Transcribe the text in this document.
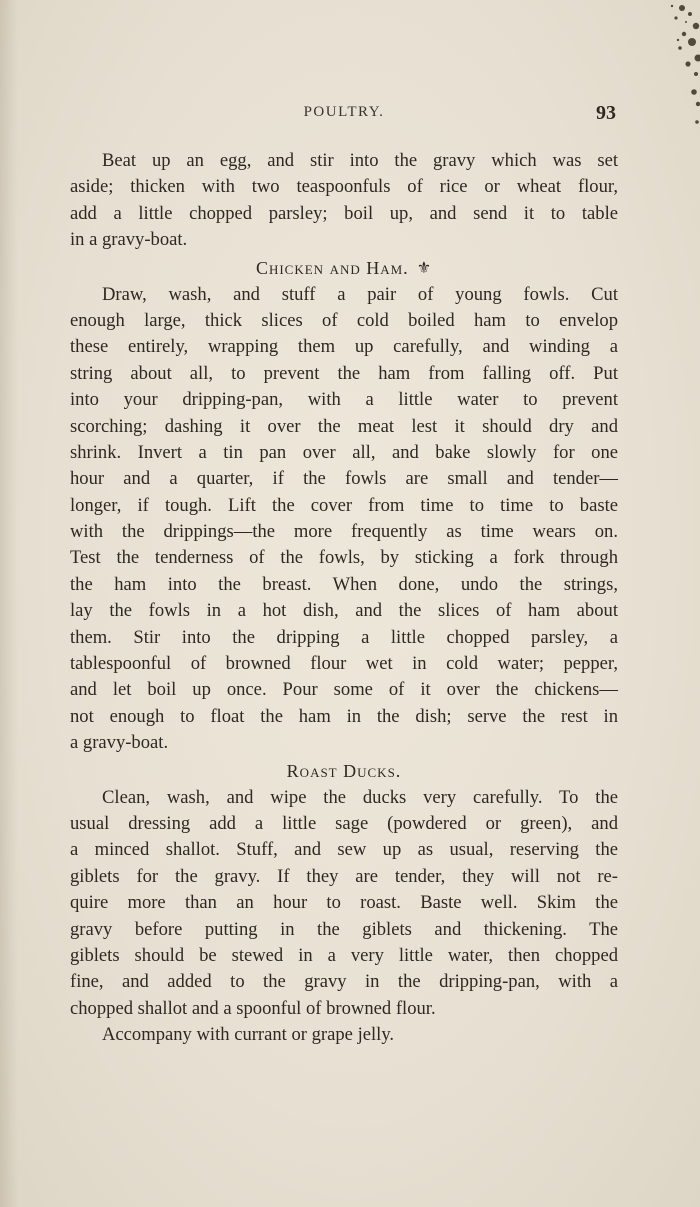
POULTRY.	93
Beat up an egg, and stir into the gravy which was set
aside; thicken with two teaspoonfuls of rice or wheat flour,
add a little chopped parsley; boil up, and send it to table
in a gravy-boat.
Chicken and Ham. ⚜
Draw, wash, and stuff a pair of young fowls. Cut
enough large, thick slices of cold boiled ham to envelop
these entirely, wrapping them up carefully, and winding a
string about all, to prevent the ham from falling off. Put
into your dripping-pan, with a little water to prevent
scorching; dashing it over the meat lest it should dry and
shrink. Invert a tin pan over all, and bake slowly for one
hour and a quarter, if the fowls are small and tender—
longer, if tough. Lift the cover from time to time to baste
with the drippings—the more frequently as time wears on.
Test the tenderness of the fowls, by sticking a fork through
the ham into the breast. When done, undo the strings,
lay the fowls in a hot dish, and the slices of ham about
them. Stir into the dripping a little chopped parsley, a
tablespoonful of browned flour wet in cold water; pepper,
and let boil up once. Pour some of it over the chickens—
not enough to float the ham in the dish; serve the rest in
a gravy-boat.
Roast Ducks.
Clean, wash, and wipe the ducks very carefully. To the
usual dressing add a little sage (powdered or green), and
a minced shallot. Stuff, and sew up as usual, reserving the
giblets for the gravy. If they are tender, they will not re-
quire more than an hour to roast. Baste well. Skim the
gravy before putting in the giblets and thickening. The
giblets should be stewed in a very little water, then chopped
fine, and added to the gravy in the dripping-pan, with a
chopped shallot and a spoonful of browned flour.
Accompany with currant or grape jelly.
